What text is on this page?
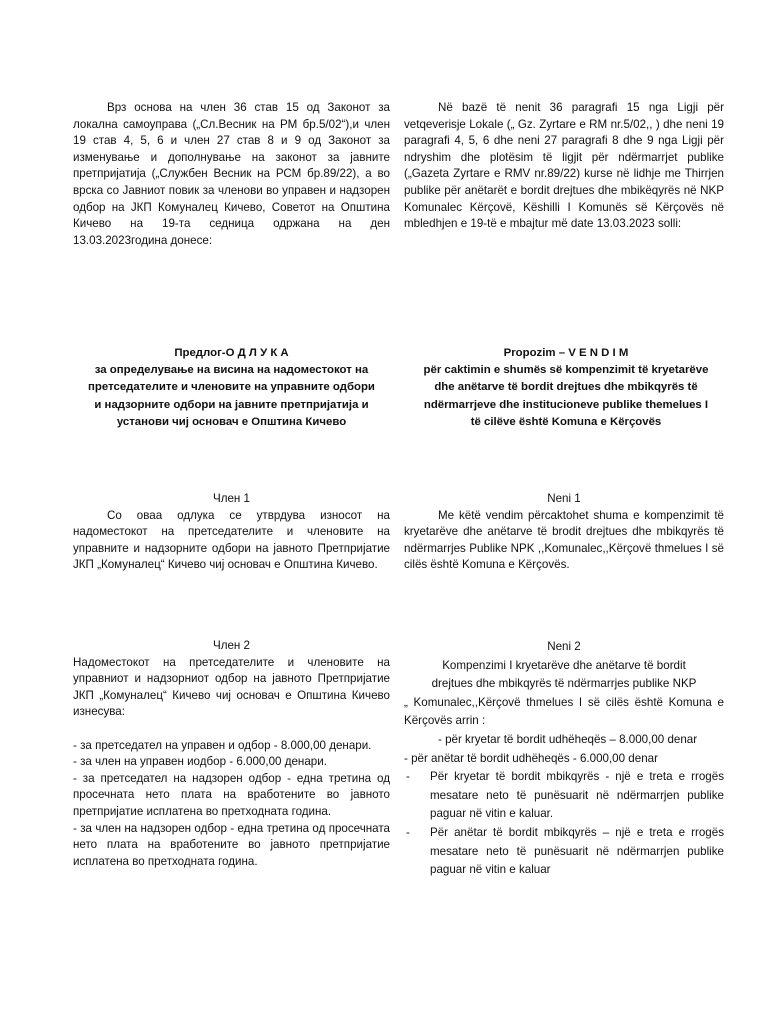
Врз основа на член 36 став 15 од Законот за локална самоуправа („Сл.Весник на РМ бр.5/02“),и член 19 став 4, 5, 6 и член 27 став 8 и 9 од Законот за изменување и дополнување на законот за јавните претпријатија („Службен Весник на РСМ бр.89/22), а во врска со Јавниот повик за членови во управен и надзорен одбор на ЈКП Комуналец Кичево, Советот на Општина Кичево на 19-та седница одржана на ден 13.03.2023година донесе:

Në bazë të nenit 36 paragrafi 15 nga Ligji për vetqeverisje Lokale („ Gz. Zyrtare e RM nr.5/02,, ) dhe neni 19 paragrafi 4, 5, 6 dhe neni 27 paragrafi 8 dhe 9 nga Ligji për ndryshim dhe plotësim të ligjit për ndërmarrjet publike („Gazeta Zyrtare e RMV nr.89/22) kurse në lidhje me Thirrjen publike për anëtarët e bordit drejtues dhe mbikëqyrës në NKP Komunalec Kërçovë, Këshilli I Komunës së Kërçovës në mbledhjen e 19-të e mbajtur më date 13.03.2023 solli:

Предлог-О Д Л У К А
за определување на висина на надоместокот на
претседателите и членовите на управните одбори
и надзорните одбори на јавните претпријатија и
установи чиј основач е Општина Кичево
Propozim – V E N D I M
për caktimin e shumës së kompenzimit të kryetarëve
dhe anëtarve të bordit drejtues dhe mbikqyrës të
ndërmarrjeve dhe institucioneve publike themelues I
të cilëve është Komuna e Kërçovës
Член 1

Со оваа одлука се утврдува износот на надоместокот на претседателите и членовите на управните и надзорните одбори на јавното Претпријатие ЈКП „Комуналец“ Кичево чиј основач е Општина Кичево.

Neni 1

Me këtë vendim përcaktohet shuma e kompenzimit të kryetarëve dhe anëtarve të brodit drejtues dhe mbikqyrës të ndërmarrjes Publike NPK ,,Komunalec,,Kërçovë thmelues I së cilës është Komuna e Kërçovës.

Член 2

Надоместокот на претседателите и членовите на управниот и надзорниот одбор на јавното Претпријатие ЈКП „Комуналец“ Кичево чиј основач е Општина Кичево изнесува:

- за претседател на управен и одбор - 8.000,00 денари.
- за член на управен иодбор - 6.000,00 денари.
- за претседател на надзорен одбор - една третина од просечната нето плата на вработените во јавното претпријатие исплатена во претходната година.
- за член на надзорен одбор - една третина од просечната нето плата на вработените во јавното претпријатие исплатена во претходната година.
Neni 2
Kompenzimi I kryetarëve dhe anëtarve të bordit drejtues dhe mbikqyrës të ndërmarrjes publike NKP

„ Komunalec,,Kërçovë thmelues I së cilës është Komuna e Kërçovës arrin :

- për kryetar të bordit udhëheqës – 8.000,00 denar
- për anëtar të bordit udhëheqës - 6.000,00 denar
- Për kryetar të bordit mbikqyrës - një e treta e rrogës mesatare neto të punësuarit në ndërmarrjen publike paguar në vitin e kaluar.
- Për anëtar të bordit mbikqyrës – një e treta e rrogës mesatare neto të punësuarit në ndërmarrjen publike paguar në vitin e kaluar
